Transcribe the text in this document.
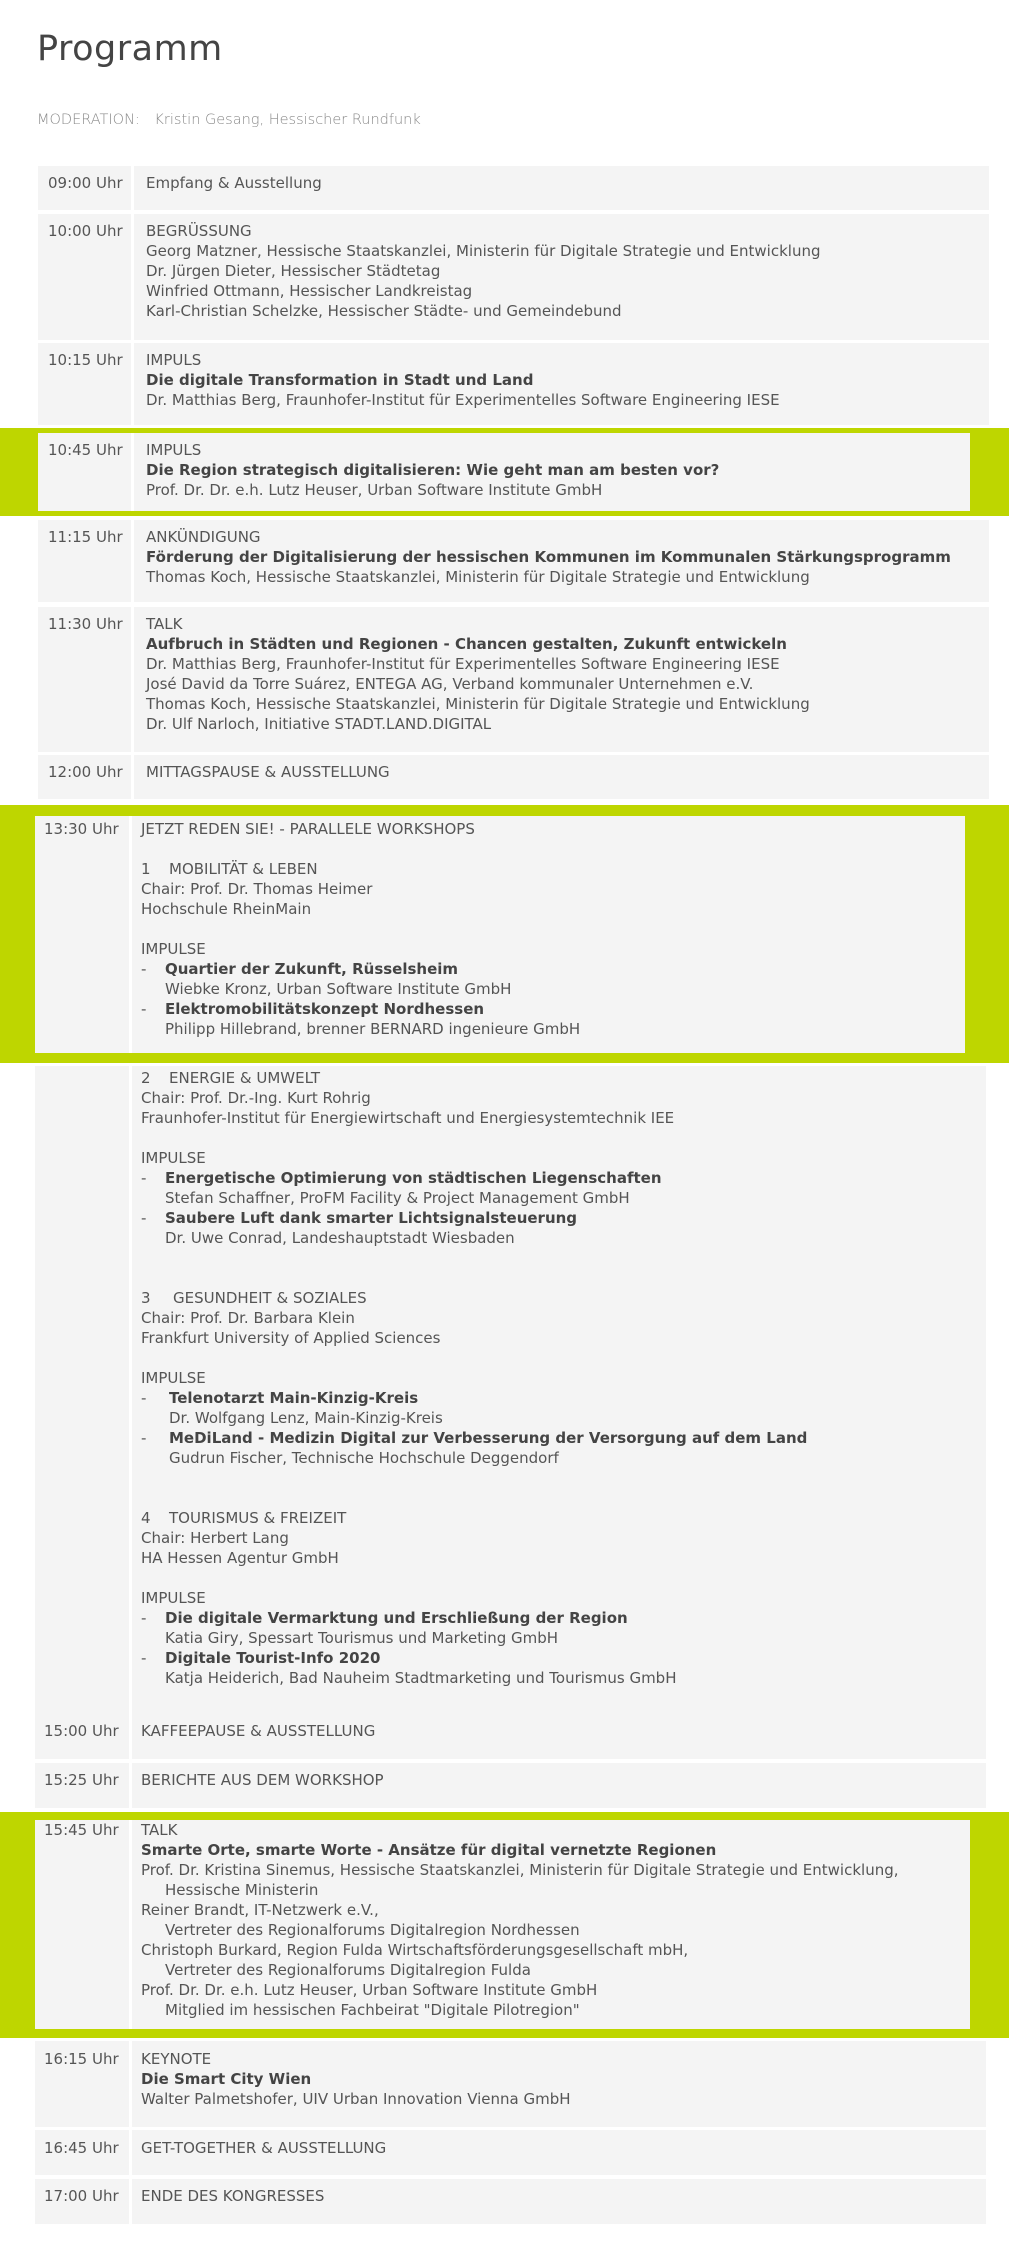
Programm
MODERATION: Kristin Gesang, Hessischer Rundfunk
09:00 Uhr Empfang & Ausstellung
10:00 Uhr BEGRÜSSUNG
Georg Matzner, Hessische Staatskanzlei, Ministerin für Digitale Strategie und Entwicklung
Dr. Jürgen Dieter, Hessischer Städtetag
Winfried Ottmann, Hessischer Landkreistag
Karl-Christian Schelzke, Hessischer Städte- und Gemeindebund
10:15 Uhr IMPULS
Die digitale Transformation in Stadt und Land
Dr. Matthias Berg, Fraunhofer-Institut für Experimentelles Software Engineering IESE
10:45 Uhr IMPULS
Die Region strategisch digitalisieren: Wie geht man am besten vor?
Prof. Dr. Dr. e.h. Lutz Heuser, Urban Software Institute GmbH
11:15 Uhr ANKÜNDIGUNG
Förderung der Digitalisierung der hessischen Kommunen im Kommunalen Stärkungsprogramm
Thomas Koch, Hessische Staatskanzlei, Ministerin für Digitale Strategie und Entwicklung
11:30 Uhr TALK
Aufbruch in Städten und Regionen - Chancen gestalten, Zukunft entwickeln
Dr. Matthias Berg, Fraunhofer-Institut für Experimentelles Software Engineering IESE
José David da Torre Suárez, ENTEGA AG, Verband kommunaler Unternehmen e.V.
Thomas Koch, Hessische Staatskanzlei, Ministerin für Digitale Strategie und Entwicklung
Dr. Ulf Narloch, Initiative STADT.LAND.DIGITAL
12:00 Uhr MITTAGSPAUSE & AUSSTELLUNG
13:30 Uhr JETZT REDEN SIE! - PARALLELE WORKSHOPS
1 MOBILITÄT & LEBEN
Chair: Prof. Dr. Thomas Heimer
Hochschule RheinMain
IMPULSE
-	Quartier der Zukunft, Rüsselsheim
Wiebke Kronz, Urban Software Institute GmbH
-	Elektromobilitätskonzept Nordhessen
Philipp Hillebrand, brenner BERNARD ingenieure GmbH
2 ENERGIE & UMWELT
Chair: Prof. Dr.-Ing. Kurt Rohrig
Fraunhofer-Institut für Energiewirtschaft und Energiesystemtechnik IEE
IMPULSE
-	Energetische Optimierung von städtischen Liegenschaften
Stefan Schaffner, ProFM Facility & Project Management GmbH
-	Saubere Luft dank smarter Lichtsignalsteuerung
Dr. Uwe Conrad, Landeshauptstadt Wiesbaden
3 GESUNDHEIT & SOZIALES
Chair: Prof. Dr. Barbara Klein
Frankfurt University of Applied Sciences
IMPULSE
-	Telenotarzt Main-Kinzig-Kreis
Dr. Wolfgang Lenz, Main-Kinzig-Kreis
-	MeDiLand - Medizin Digital zur Verbesserung der Versorgung auf dem Land
Gudrun Fischer, Technische Hochschule Deggendorf
4 TOURISMUS & FREIZEIT
Chair: Herbert Lang
HA Hessen Agentur GmbH
IMPULSE
-	Die digitale Vermarktung und Erschließung der Region
Katia Giry, Spessart Tourismus und Marketing GmbH
-	Digitale Tourist-Info 2020
Katja Heiderich, Bad Nauheim Stadtmarketing und Tourismus GmbH
15:00 Uhr KAFFEEPAUSE & AUSSTELLUNG
15:25 Uhr BERICHTE AUS DEM WORKSHOP
15:45 Uhr TALK
Smarte Orte, smarte Worte - Ansätze für digital vernetzte Regionen
Prof. Dr. Kristina Sinemus, Hessische Staatskanzlei, Ministerin für Digitale Strategie und Entwicklung,
Hessische Ministerin
Reiner Brandt, IT-Netzwerk e.V.,
Vertreter des Regionalforums Digitalregion Nordhessen
Christoph Burkard, Region Fulda Wirtschaftsförderungsgesellschaft mbH,
Vertreter des Regionalforums Digitalregion Fulda
Prof. Dr. Dr. e.h. Lutz Heuser, Urban Software Institute GmbH
Mitglied im hessischen Fachbeirat "Digitale Pilotregion"
16:15 Uhr KEYNOTE
Die Smart City Wien
Walter Palmetshofer, UIV Urban Innovation Vienna GmbH
16:45 Uhr GET-TOGETHER & AUSSTELLUNG
17:00 Uhr ENDE DES KONGRESSES
